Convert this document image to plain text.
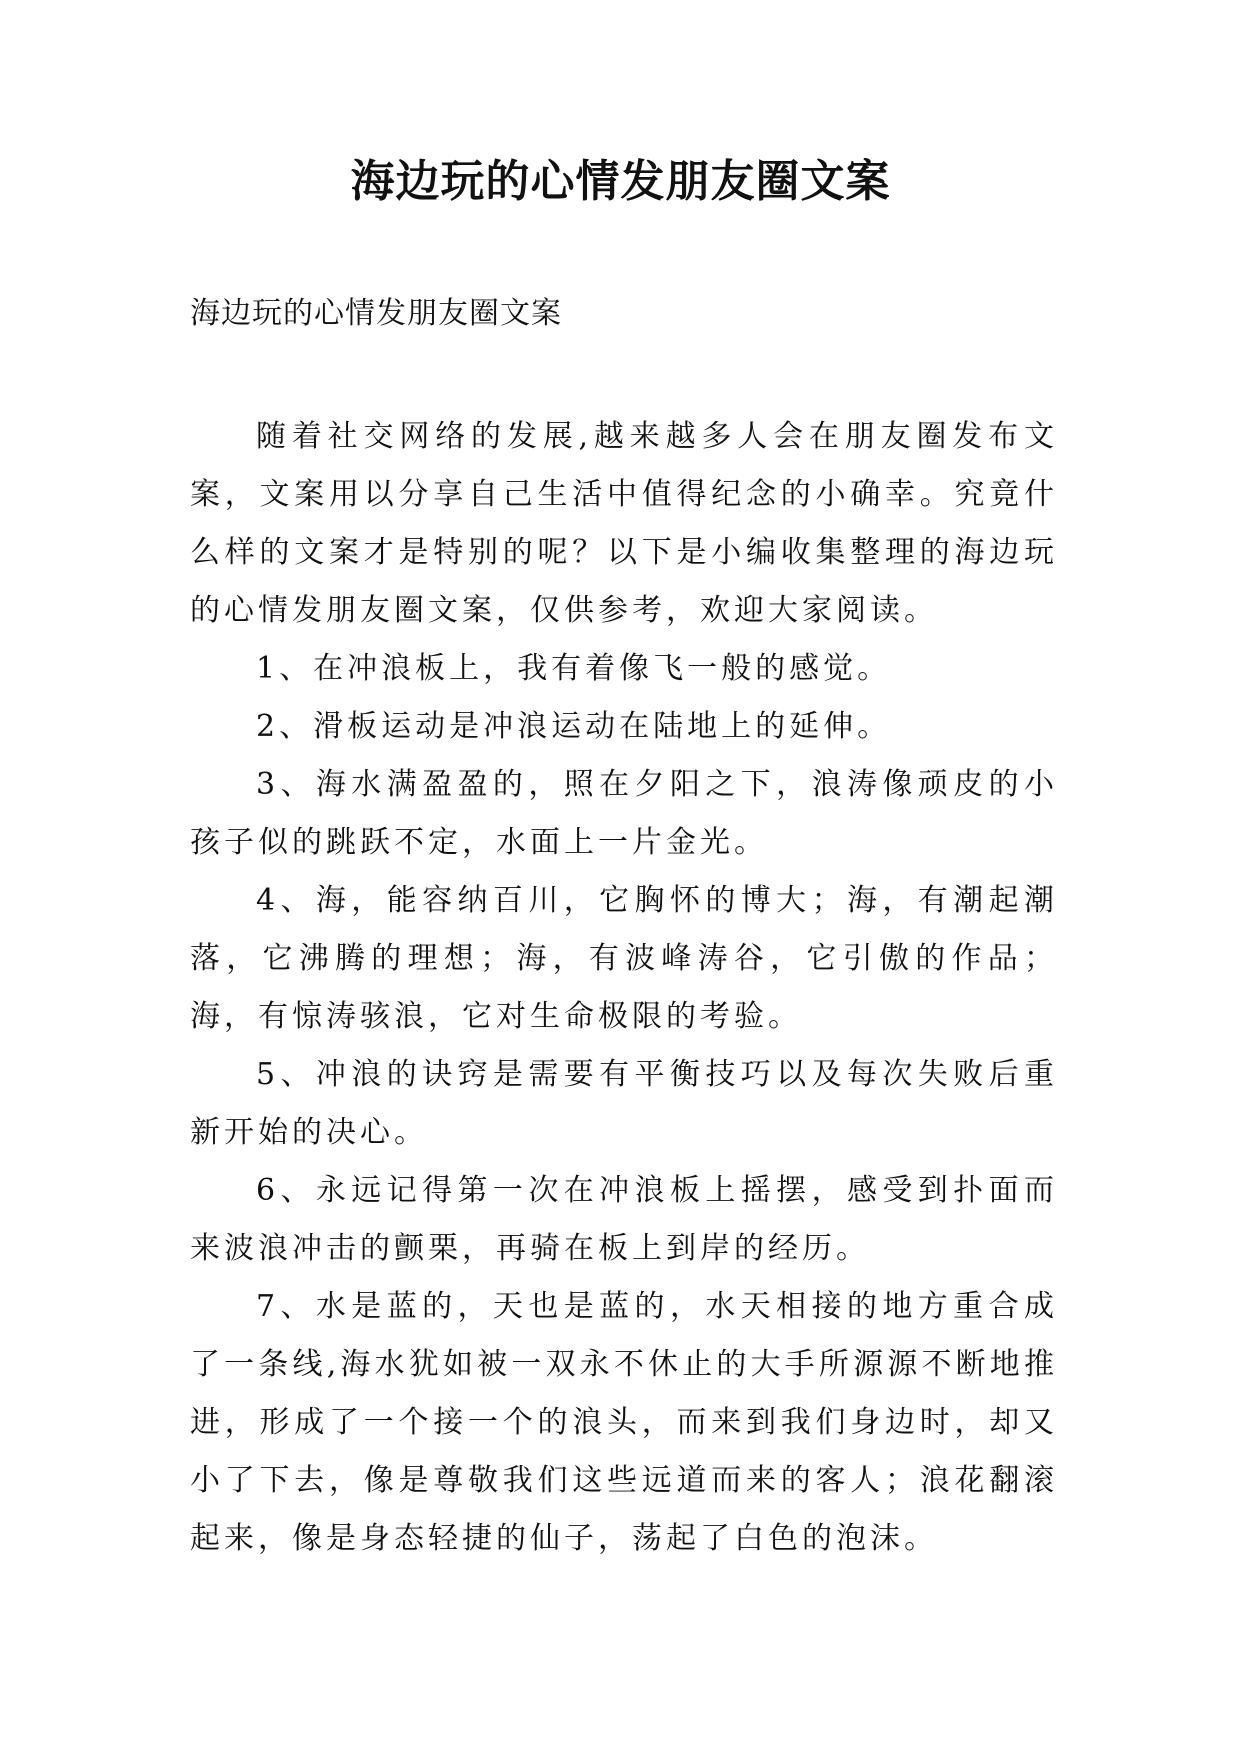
海边玩的心情发朋友圈文案
海边玩的心情发朋友圈文案

随着社交网络的发展,越来越多人会在朋友圈发布文案，文案用以分享自己生活中值得纪念的小确幸。究竟什么样的文案才是特别的呢？以下是小编收集整理的海边玩的心情发朋友圈文案，仅供参考，欢迎大家阅读。

1、在冲浪板上，我有着像飞一般的感觉。

2、滑板运动是冲浪运动在陆地上的延伸。

3、海水满盈盈的，照在夕阳之下，浪涛像顽皮的小孩子似的跳跃不定，水面上一片金光。

4、海，能容纳百川，它胸怀的博大；海，有潮起潮落，它沸腾的理想；海，有波峰涛谷，它引傲的作品；海，有惊涛骇浪，它对生命极限的考验。

5、冲浪的诀窍是需要有平衡技巧以及每次失败后重新开始的决心。

6、永远记得第一次在冲浪板上摇摆，感受到扑面而来波浪冲击的颤栗，再骑在板上到岸的经历。

7、水是蓝的，天也是蓝的，水天相接的地方重合成了一条线,海水犹如被一双永不休止的大手所源源不断地推进，形成了一个接一个的浪头，而来到我们身边时，却又小了下去，像是尊敬我们这些远道而来的客人；浪花翻滚起来，像是身态轻捷的仙子，荡起了白色的泡沫。
